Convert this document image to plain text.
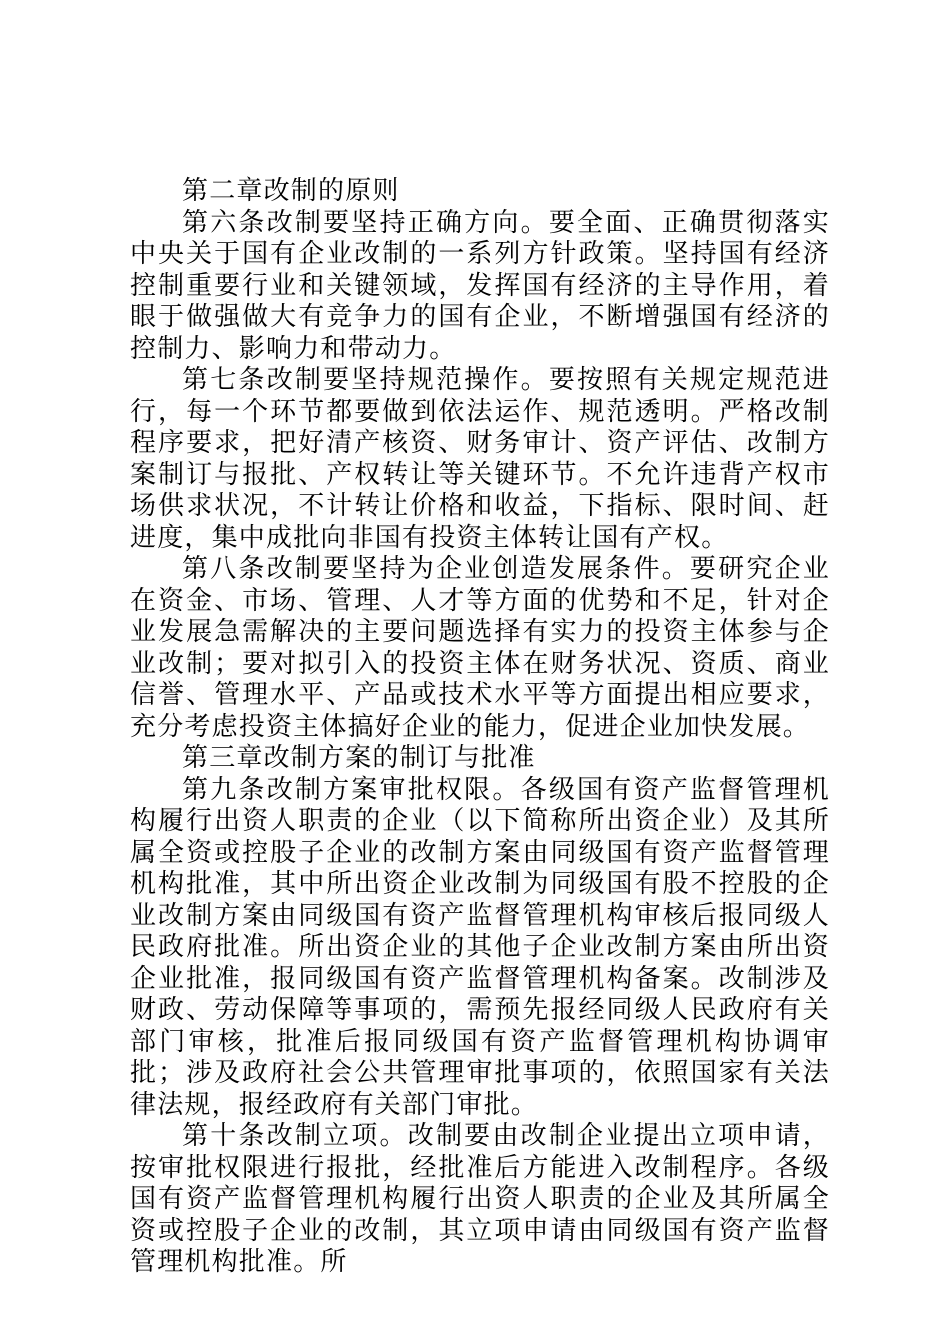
第二章改制的原则

第六条改制要坚持正确方向。要全面、正确贯彻落实中央关于国有企业改制的一系列方针政策。坚持国有经济控制重要行业和关键领域，发挥国有经济的主导作用，着眼于做强做大有竞争力的国有企业，不断增强国有经济的控制力、影响力和带动力。

第七条改制要坚持规范操作。要按照有关规定规范进行，每一个环节都要做到依法运作、规范透明。严格改制程序要求，把好清产核资、财务审计、资产评估、改制方案制订与报批、产权转让等关键环节。不允许违背产权市场供求状况，不计转让价格和收益，下指标、限时间、赶进度，集中成批向非国有投资主体转让国有产权。

第八条改制要坚持为企业创造发展条件。要研究企业在资金、市场、管理、人才等方面的优势和不足，针对企业发展急需解决的主要问题选择有实力的投资主体参与企业改制；要对拟引入的投资主体在财务状况、资质、商业信誉、管理水平、产品或技术水平等方面提出相应要求，充分考虑投资主体搞好企业的能力，促进企业加快发展。

第三章改制方案的制订与批准

第九条改制方案审批权限。各级国有资产监督管理机构履行出资人职责的企业（以下简称所出资企业）及其所属全资或控股子企业的改制方案由同级国有资产监督管理机构批准，其中所出资企业改制为同级国有股不控股的企业改制方案由同级国有资产监督管理机构审核后报同级人民政府批准。所出资企业的其他子企业改制方案由所出资企业批准，报同级国有资产监督管理机构备案。改制涉及财政、劳动保障等事项的，需预先报经同级人民政府有关部门审核，批准后报同级国有资产监督管理机构协调审批；涉及政府社会公共管理审批事项的，依照国家有关法律法规，报经政府有关部门审批。

第十条改制立项。改制要由改制企业提出立项申请，按审批权限进行报批，经批准后方能进入改制程序。各级国有资产监督管理机构履行出资人职责的企业及其所属全资或控股子企业的改制，其立项申请由同级国有资产监督管理机构批准。所
